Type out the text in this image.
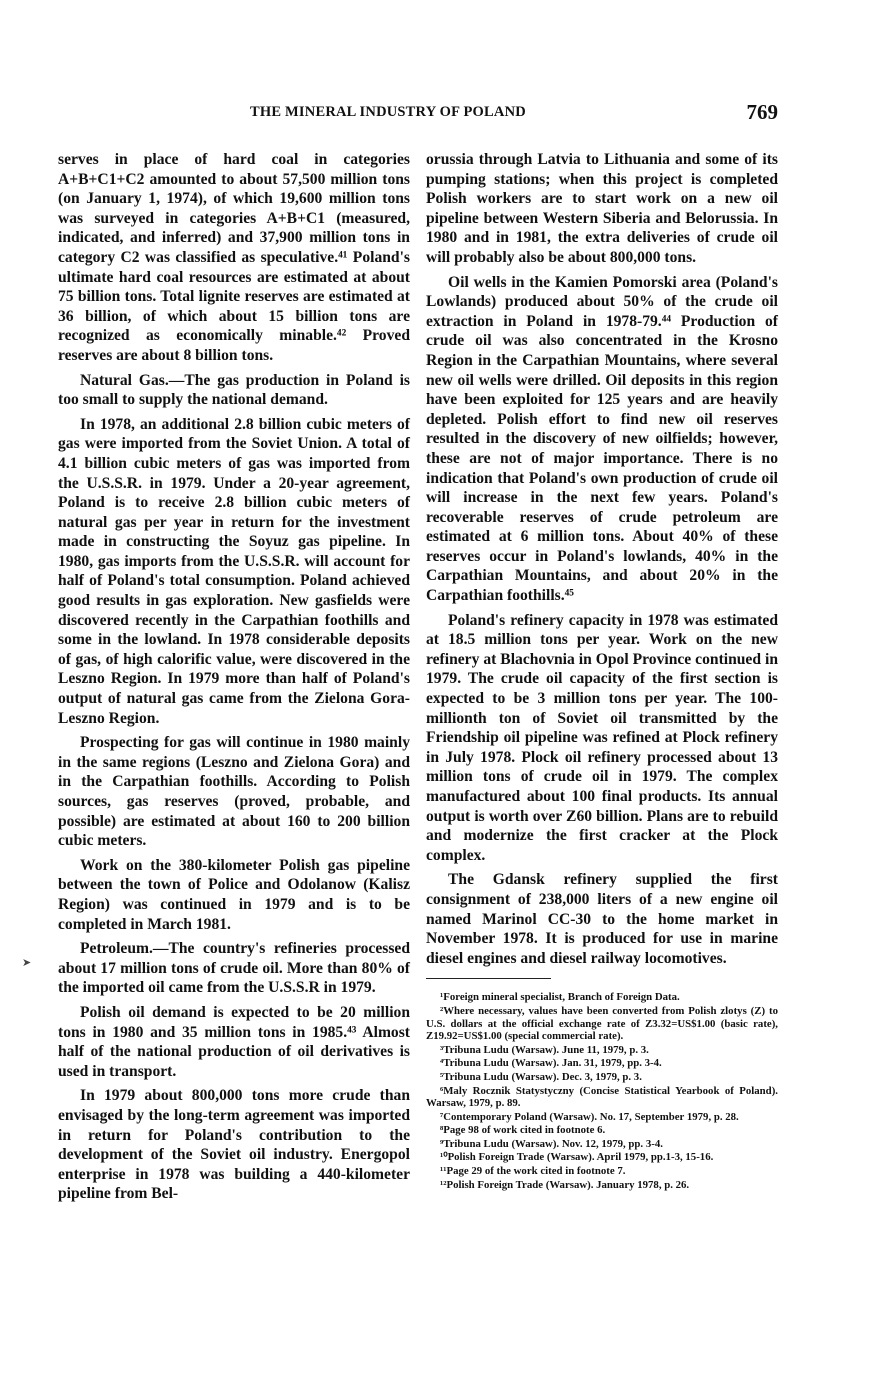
THE MINERAL INDUSTRY OF POLAND	769
➤

serves in place of hard coal in categories A+B+C1+C2 amounted to about 57,500 million tons (on January 1, 1974), of which 19,600 million tons was surveyed in categories A+B+C1 (measured, indicated, and inferred) and 37,900 million tons in category C2 was classified as speculative.⁴¹ Poland's ultimate hard coal resources are estimated at about 75 billion tons. Total lignite reserves are estimated at 36 billion, of which about 15 billion tons are recognized as economically minable.⁴² Proved reserves are about 8 billion tons.

Natural Gas.—The gas production in Poland is too small to supply the national demand.

In 1978, an additional 2.8 billion cubic meters of gas were imported from the Soviet Union. A total of 4.1 billion cubic meters of gas was imported from the U.S.S.R. in 1979. Under a 20-year agreement, Poland is to receive 2.8 billion cubic meters of natural gas per year in return for the investment made in constructing the Soyuz gas pipeline. In 1980, gas imports from the U.S.S.R. will account for half of Poland's total consumption. Poland achieved good results in gas exploration. New gasfields were discovered recently in the Carpathian foothills and some in the lowland. In 1978 considerable deposits of gas, of high calorific value, were discovered in the Leszno Region. In 1979 more than half of Poland's output of natural gas came from the Zielona Gora-Leszno Region.

Prospecting for gas will continue in 1980 mainly in the same regions (Leszno and Zielona Gora) and in the Carpathian foothills. According to Polish sources, gas reserves (proved, probable, and possible) are estimated at about 160 to 200 billion cubic meters.

Work on the 380-kilometer Polish gas pipeline between the town of Police and Odolanow (Kalisz Region) was continued in 1979 and is to be completed in March 1981.

Petroleum.—The country's refineries processed about 17 million tons of crude oil. More than 80% of the imported oil came from the U.S.S.R in 1979.

Polish oil demand is expected to be 20 million tons in 1980 and 35 million tons in 1985.⁴³ Almost half of the national production of oil derivatives is used in transport.

In 1979 about 800,000 tons more crude than envisaged by the long-term agreement was imported in return for Poland's contribution to the development of the Soviet oil industry. Energopol enterprise in 1978 was building a 440-kilometer pipeline from Bel-

orussia through Latvia to Lithuania and some of its pumping stations; when this project is completed Polish workers are to start work on a new oil pipeline between Western Siberia and Belorussia. In 1980 and in 1981, the extra deliveries of crude oil will probably also be about 800,000 tons.

Oil wells in the Kamien Pomorski area (Poland's Lowlands) produced about 50% of the crude oil extraction in Poland in 1978-79.⁴⁴ Production of crude oil was also concentrated in the Krosno Region in the Carpathian Mountains, where several new oil wells were drilled. Oil deposits in this region have been exploited for 125 years and are heavily depleted. Polish effort to find new oil reserves resulted in the discovery of new oilfields; however, these are not of major importance. There is no indication that Poland's own production of crude oil will increase in the next few years. Poland's recoverable reserves of crude petroleum are estimated at 6 million tons. About 40% of these reserves occur in Poland's lowlands, 40% in the Carpathian Mountains, and about 20% in the Carpathian foothills.⁴⁵

Poland's refinery capacity in 1978 was estimated at 18.5 million tons per year. Work on the new refinery at Blachovnia in Opol Province continued in 1979. The crude oil capacity of the first section is expected to be 3 million tons per year. The 100-millionth ton of Soviet oil transmitted by the Friendship oil pipeline was refined at Plock refinery in July 1978. Plock oil refinery processed about 13 million tons of crude oil in 1979. The complex manufactured about 100 final products. Its annual output is worth over Z60 billion. Plans are to rebuild and modernize the first cracker at the Plock complex.

The Gdansk refinery supplied the first consignment of 238,000 liters of a new engine oil named Marinol CC-30 to the home market in November 1978. It is produced for use in marine diesel engines and diesel railway locomotives.

¹Foreign mineral specialist, Branch of Foreign Data.

²Where necessary, values have been converted from Polish zlotys (Z) to U.S. dollars at the official exchange rate of Z3.32=US$1.00 (basic rate), Z19.92=US$1.00 (special commercial rate).

³Tribuna Ludu (Warsaw). June 11, 1979, p. 3.

⁴Tribuna Ludu (Warsaw). Jan. 31, 1979, pp. 3-4.

⁵Tribuna Ludu (Warsaw). Dec. 3, 1979, p. 3.

⁶Maly Rocznik Statystyczny (Concise Statistical Yearbook of Poland). Warsaw, 1979, p. 89.

⁷Contemporary Poland (Warsaw). No. 17, September 1979, p. 28.

⁸Page 98 of work cited in footnote 6.

⁹Tribuna Ludu (Warsaw). Nov. 12, 1979, pp. 3-4.

¹⁰Polish Foreign Trade (Warsaw). April 1979, pp.1-3, 15-16.

¹¹Page 29 of the work cited in footnote 7.

¹²Polish Foreign Trade (Warsaw). January 1978, p. 26.
